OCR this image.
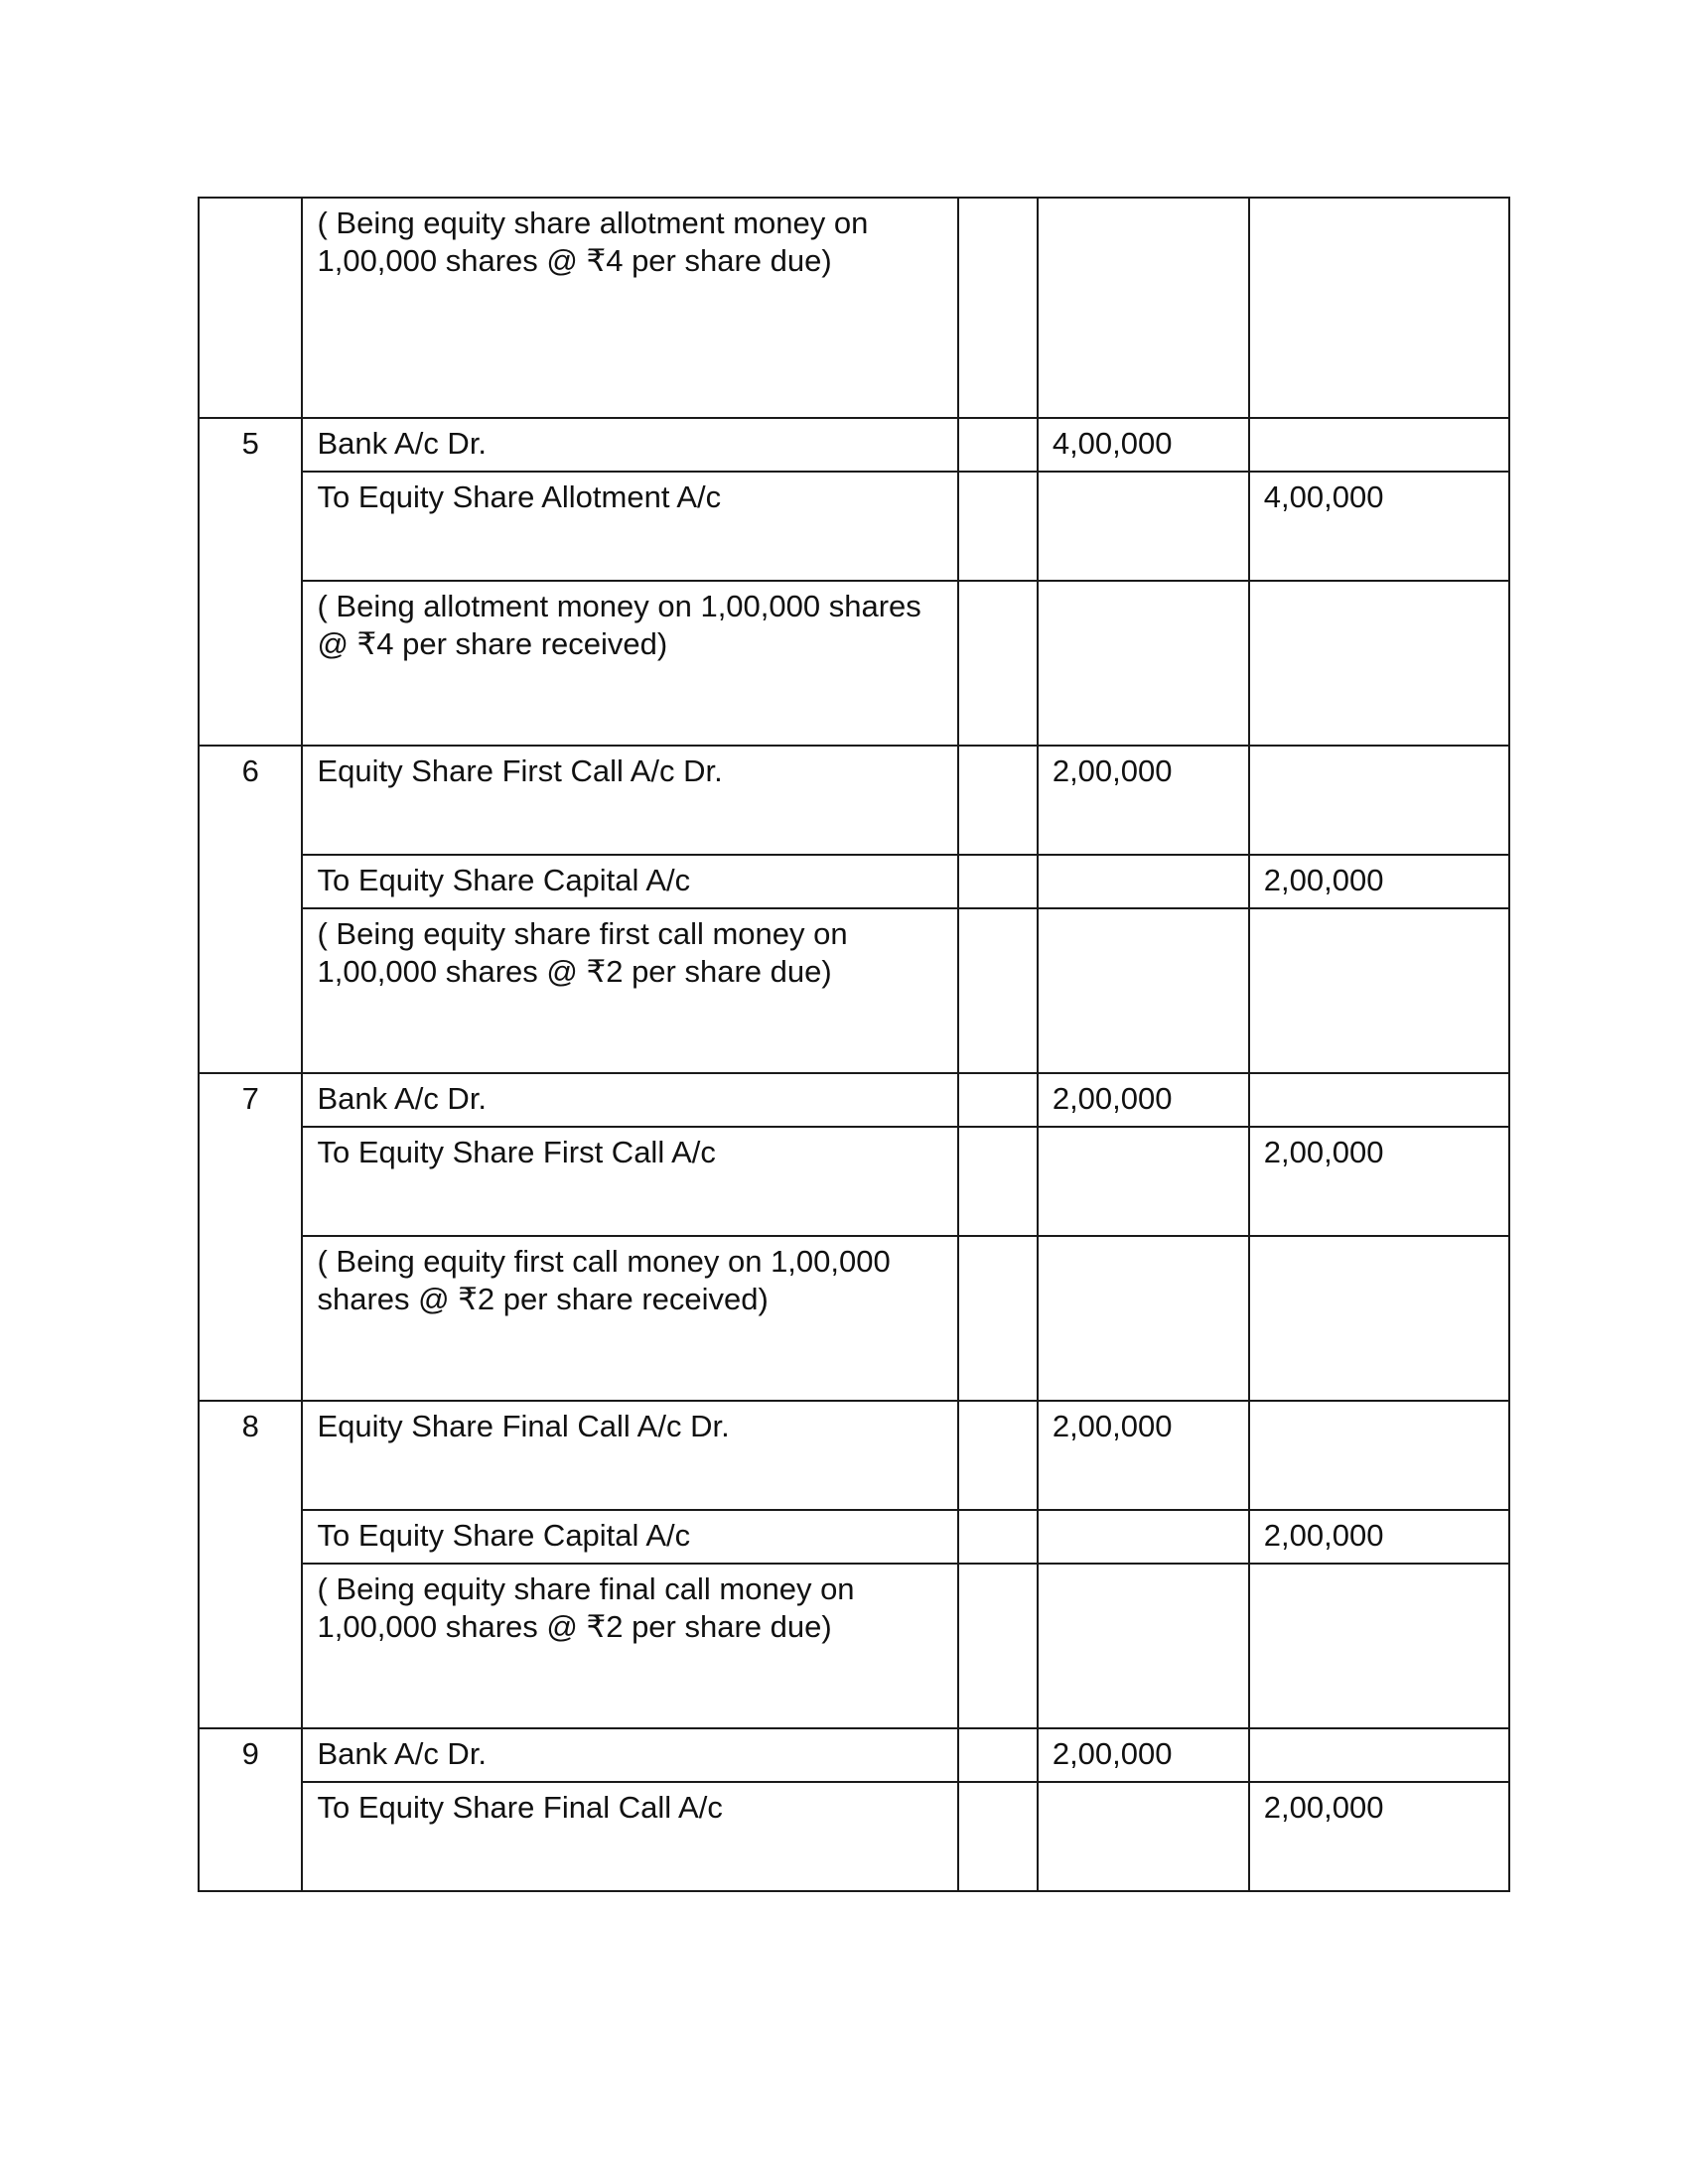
	( Being equity share allotment money on 1,00,000 shares @ ₹4 per share due)			
5	Bank A/c Dr.		4,00,000	
	To Equity Share Allotment A/c			4,00,000
	( Being allotment money on 1,00,000 shares @ ₹4 per share received)			
6	Equity Share First Call A/c Dr.		2,00,000	
	To Equity Share Capital A/c			2,00,000
	( Being equity share first call money on 1,00,000 shares @ ₹2 per share due)			
7	Bank A/c Dr.		2,00,000	
	To Equity Share First Call A/c			2,00,000
	( Being equity first call money on 1,00,000 shares @ ₹2 per share received)			
8	Equity Share Final Call A/c Dr.		2,00,000	
	To Equity Share Capital A/c			2,00,000
	( Being equity share final call money on 1,00,000 shares @ ₹2 per share due)			
9	Bank A/c Dr.		2,00,000	
	To Equity Share Final Call A/c			2,00,000
